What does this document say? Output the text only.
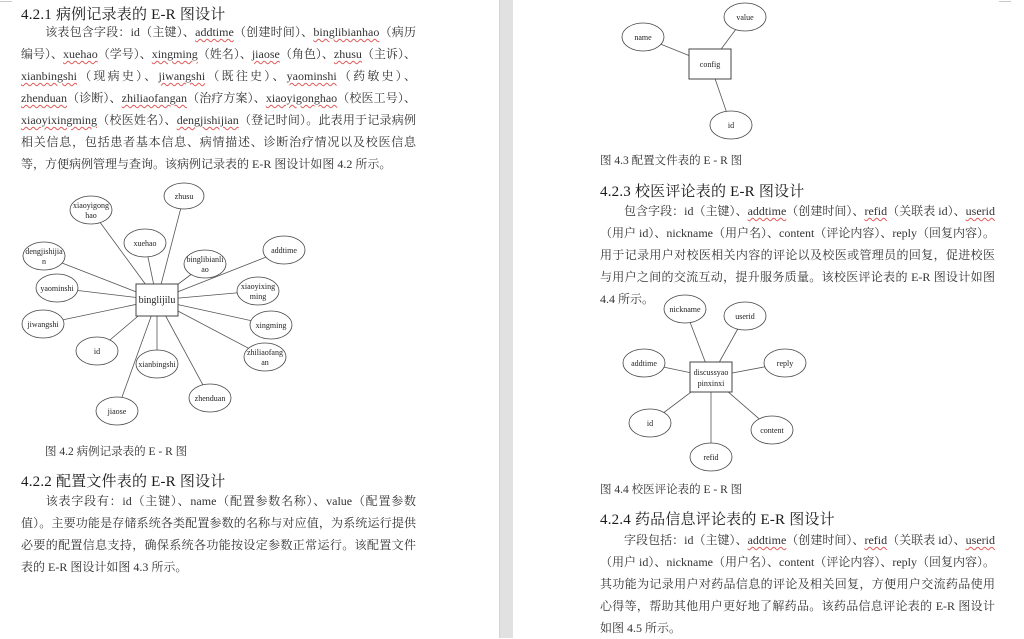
4.2.1 病例记录表的 E-R 图设计
该表包含字段：id（主键）、addtime（创建时间）、binglibianhao（病历编号）、xuehao（学号）、xingming（姓名）、jiaose（角色）、zhusu（主诉）、xianbingshi（现病史）、jiwangshi（既往史）、yaominshi（药敏史）、zhenduan（诊断）、zhiliaofangan（治疗方案）、xiaoyigonghao（校医工号）、xiaoyixingming（校医姓名）、dengjishijian（登记时间）。此表用于记录病例相关信息，包括患者基本信息、病情描述、诊断治疗情况以及校医信息等，方便病例管理与查询。该病例记录表的 E-R 图设计如图 4.2 所示。
xiaoyigong
hao
zhusu
xuehao
dengjishijia
n	binglibianli
ao
addtime
yaominshi	xiaoyixing
ming
jiwangshi	xingming
id
xianbingshi
zhiliaofang
an
zhenduan
jiaose
binglijilu
图 4.2 病例记录表的 E - R 图
4.2.2 配置文件表的 E-R 图设计
该表字段有：id（主键）、name（配置参数名称）、value（配置参数值）。主要功能是存储系统各类配置参数的名称与对应值，为系统运行提供必要的配置信息支持，确保系统各功能按设定参数正常运行。该配置文件表的 E-R 图设计如图 4.3 所示。
value
name
id
config
图 4.3 配置文件表的 E - R 图
4.2.3 校医评论表的 E-R 图设计
包含字段：id（主键）、addtime（创建时间）、refid（关联表 id）、userid（用户 id）、nickname（用户名）、content（评论内容）、reply（回复内容）。用于记录用户对校医相关内容的评论以及校医或管理员的回复，促进校医与用户之间的交流互动，提升服务质量。该校医评论表的 E-R 图设计如图 4.4 所示。
nickname
userid
addtime	reply
id
content
refid
discussyao
pinxinxi
图 4.4 校医评论表的 E - R 图
4.2.4 药品信息评论表的 E-R 图设计
字段包括：id（主键）、addtime（创建时间）、refid（关联表 id）、userid（用户 id）、nickname（用户名）、content（评论内容）、reply（回复内容）。其功能为记录用户对药品信息的评论及相关回复，方便用户交流药品使用心得等，帮助其他用户更好地了解药品。该药品信息评论表的 E-R 图设计如图 4.5 所示。
